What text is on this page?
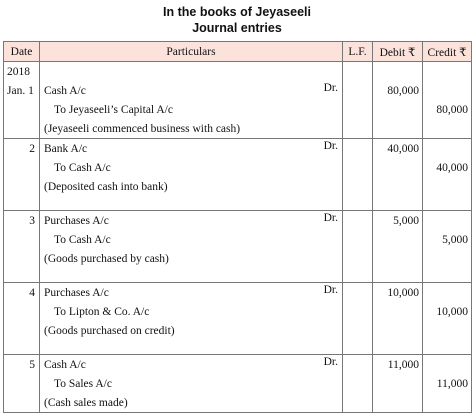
In the books of Jeyaseeli
Journal entries
Date	Particulars	L.F.	Debit ₹	Credit ₹
2018				
Jan. 1	Cash A/c Dr.		80,000	
	To Jeyaseeli’s Capital A/c			80,000
	(Jeyaseeli commenced business with cash)			
2	Bank A/c Dr.		40,000	
	To Cash A/c			40,000
	(Deposited cash into bank)			

3	Purchases A/c Dr.		5,000	
	To Cash A/c			5,000
	(Goods purchased by cash)			

4	Purchases A/c Dr.		10,000	
	To Lipton & Co. A/c			10,000
	(Goods purchased on credit)			

5	Cash A/c Dr.		11,000	
	To Sales A/c			11,000
	(Cash sales made)			
